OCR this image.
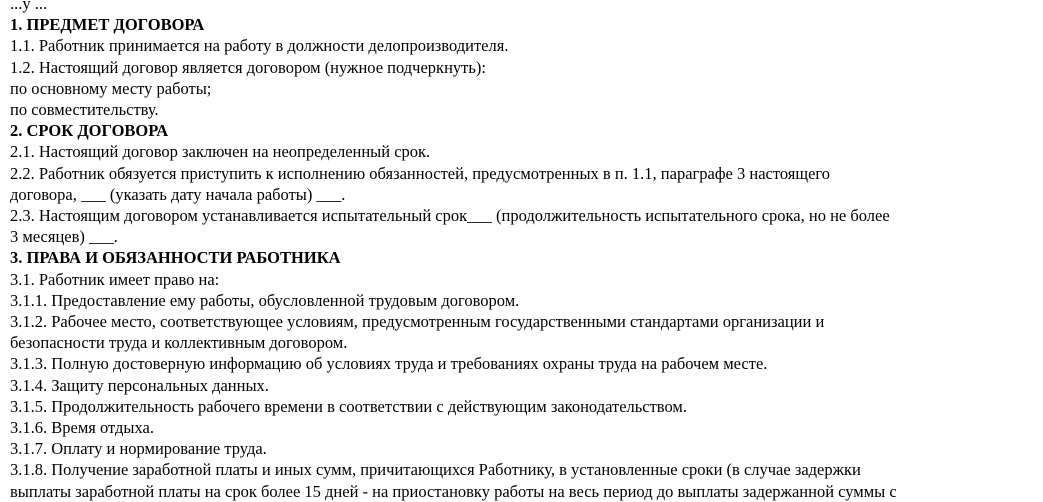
...у ...
1. ПРЕДМЕТ ДОГОВОРА
1.1. Работник принимается на работу в должности делопроизводителя.
1.2. Настоящий договор является договором (нужное подчеркнуть):
по основному месту работы;
по совместительству.
2. СРОК ДОГОВОРА
2.1. Настоящий договор заключен на неопределенный срок.
2.2. Работник обязуется приступить к исполнению обязанностей, предусмотренных в п. 1.1, параграфе 3 настоящего
договора, ___ (указать дату начала работы) ___.
2.3. Настоящим договором устанавливается испытательный срок___ (продолжительность испытательного срока, но не более
3 месяцев) ___.
3. ПРАВА И ОБЯЗАННОСТИ РАБОТНИКА
3.1. Работник имеет право на:
3.1.1. Предоставление ему работы, обусловленной трудовым договором.
3.1.2. Рабочее место, соответствующее условиям, предусмотренным государственными стандартами организации и
безопасности труда и коллективным договором.
3.1.3. Полную достоверную информацию об условиях труда и требованиях охраны труда на рабочем месте.
3.1.4. Защиту персональных данных.
3.1.5. Продолжительность рабочего времени в соответствии с действующим законодательством.
3.1.6. Время отдыха.
3.1.7. Оплату и нормирование труда.
3.1.8. Получение заработной платы и иных сумм, причитающихся Работнику, в установленные сроки (в случае задержки
выплаты заработной платы на срок более 15 дней - на приостановку работы на весь период до выплаты задержанной суммы с
